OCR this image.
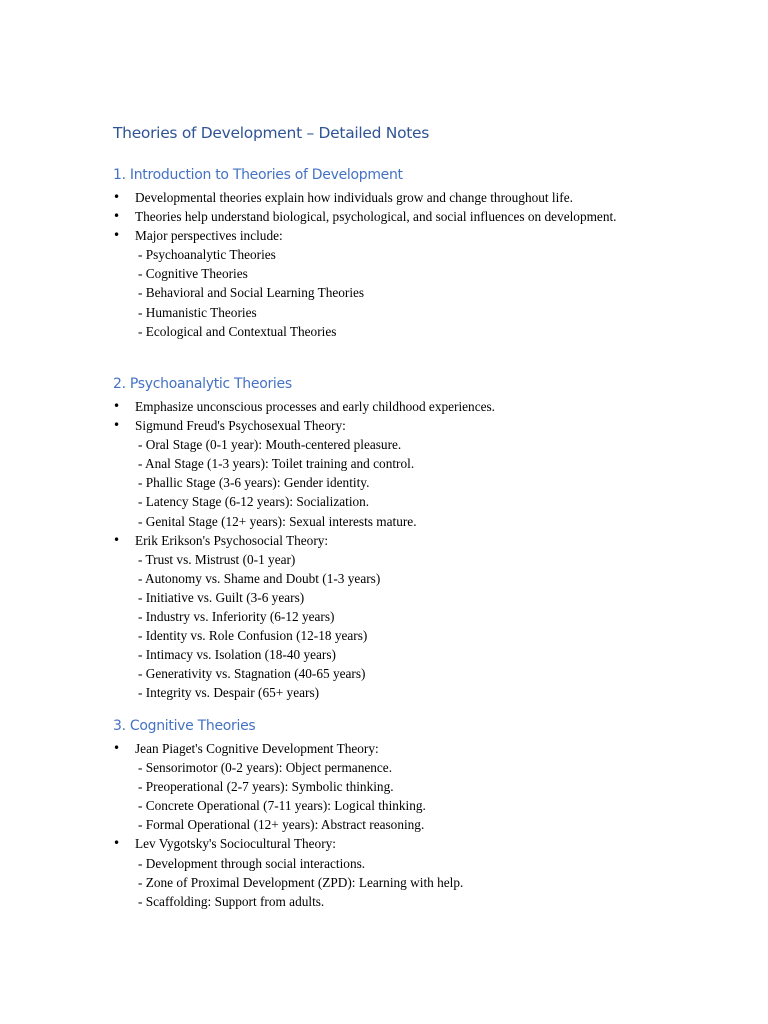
Theories of Development – Detailed Notes
1. Introduction to Theories of Development
• Developmental theories explain how individuals grow and change throughout life.
• Theories help understand biological, psychological, and social influences on development.
• Major perspectives include:
- Psychoanalytic Theories
- Cognitive Theories
- Behavioral and Social Learning Theories
- Humanistic Theories
- Ecological and Contextual Theories
2. Psychoanalytic Theories
• Emphasize unconscious processes and early childhood experiences.
• Sigmund Freud's Psychosexual Theory:
- Oral Stage (0-1 year): Mouth-centered pleasure.
- Anal Stage (1-3 years): Toilet training and control.
- Phallic Stage (3-6 years): Gender identity.
- Latency Stage (6-12 years): Socialization.
- Genital Stage (12+ years): Sexual interests mature.
• Erik Erikson's Psychosocial Theory:
- Trust vs. Mistrust (0-1 year)
- Autonomy vs. Shame and Doubt (1-3 years)
- Initiative vs. Guilt (3-6 years)
- Industry vs. Inferiority (6-12 years)
- Identity vs. Role Confusion (12-18 years)
- Intimacy vs. Isolation (18-40 years)
- Generativity vs. Stagnation (40-65 years)
- Integrity vs. Despair (65+ years)
3. Cognitive Theories
• Jean Piaget's Cognitive Development Theory:
- Sensorimotor (0-2 years): Object permanence.
- Preoperational (2-7 years): Symbolic thinking.
- Concrete Operational (7-11 years): Logical thinking.
- Formal Operational (12+ years): Abstract reasoning.
• Lev Vygotsky's Sociocultural Theory:
- Development through social interactions.
- Zone of Proximal Development (ZPD): Learning with help.
- Scaffolding: Support from adults.
